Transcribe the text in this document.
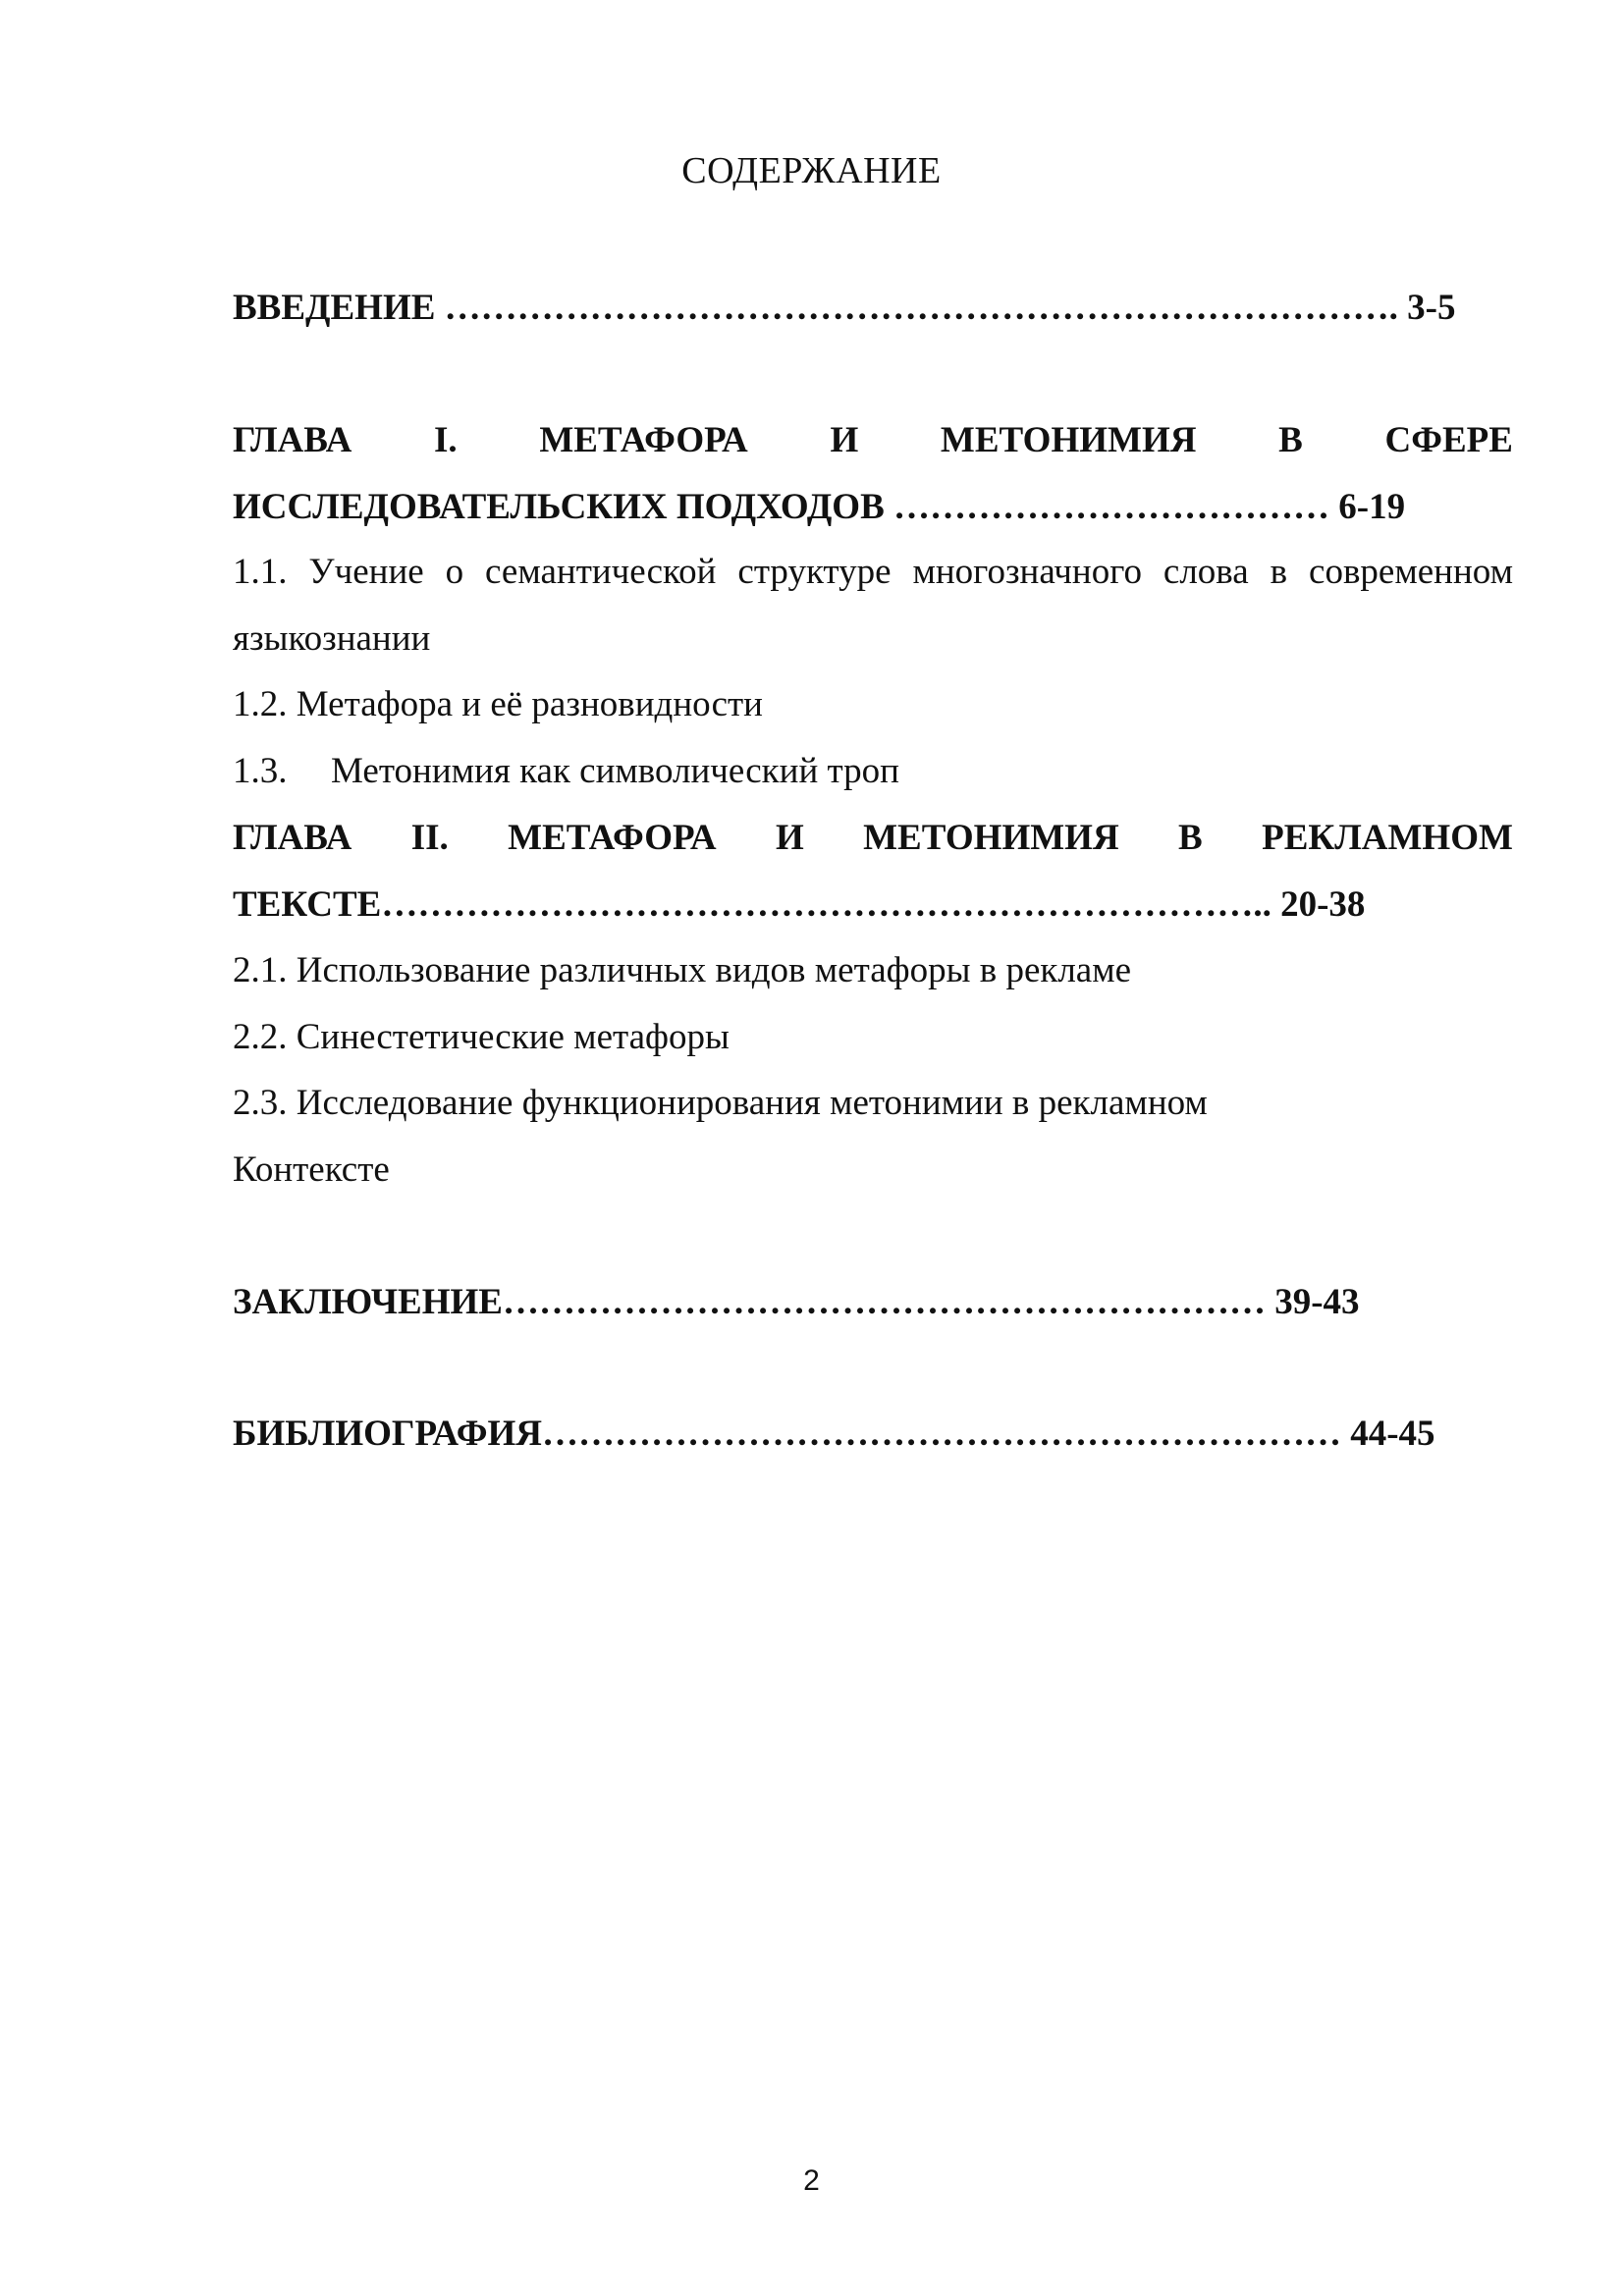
СОДЕРЖАНИЕ
ВВЕДЕНИЕ ……………………………………………………………………. 3-5
ГЛАВА I. МЕТАФОРА И МЕТОНИМИЯ В СФЕРЕ
ИССЛЕДОВАТЕЛЬСКИХ ПОДХОДОВ ……………………………… 6-19
1.1. Учение о семантической структуре многозначного слова в современном
языкознании
1.2. Метафора и её разновидности
1.3. Метонимия как символический троп
ГЛАВА II. МЕТАФОРА И МЕТОНИМИЯ В РЕКЛАМНОМ
ТЕКСТЕ……………………………………………………………….. 20-38
2.1. Использование различных видов метафоры в рекламе
2.2. Синестетические метафоры
2.3. Исследование функционирования метонимии в рекламном
Контексте
ЗАКЛЮЧЕНИЕ……………………………………………………… 39-43
БИБЛИОГРАФИЯ………………………………………………………… 44-45
2
